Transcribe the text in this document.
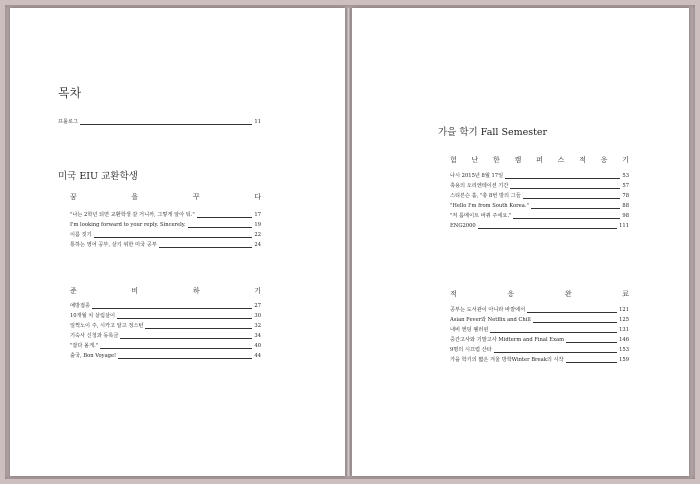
목차
프롤로그	11
미국 EIU 교환학생
꿈	을	꾸	다
"나는 2학년 되면 교환학생 갈 거니까, 그렇게 알아 둬."	17
I'm looking forward to your reply. Sincerely.	19
이름 짓기	22
통하는 영어 공부, 살기 위한 미국 공부	24
준	비	하	기
예방접종	27
10개월 치 살림살이	30
일찍노이 주, 시카고 알고 정스턴	32
기숙사 신청과 동록금	34
"잘다 올게."	40
출국, Bon Voyage!	44
가을 학기 Fall Semester
험 난 한 캠 퍼 스 적 응 기
나시 2015년 8월 17일	53
축용의 오리엔테이션 기간	57
스티븐슨 홀, "충 8번 방의 그들	78
"Hello I'm from South Korea."	88
"저 룸메이트 바꿔 주세요."	98
ENG2000	111
적	응	완	료
공부는 도서관이 아니라 바깥에서	121
Asian Fever와 Netflix and Chill	125
내비 엔딩 웰러윈	131
중간고사와 기말고사 Midterm and Final Exam	146
9명의 시끄럽 산타	153
가을 학기의 짧은 겨울 방학Winter Break의 시작	159
